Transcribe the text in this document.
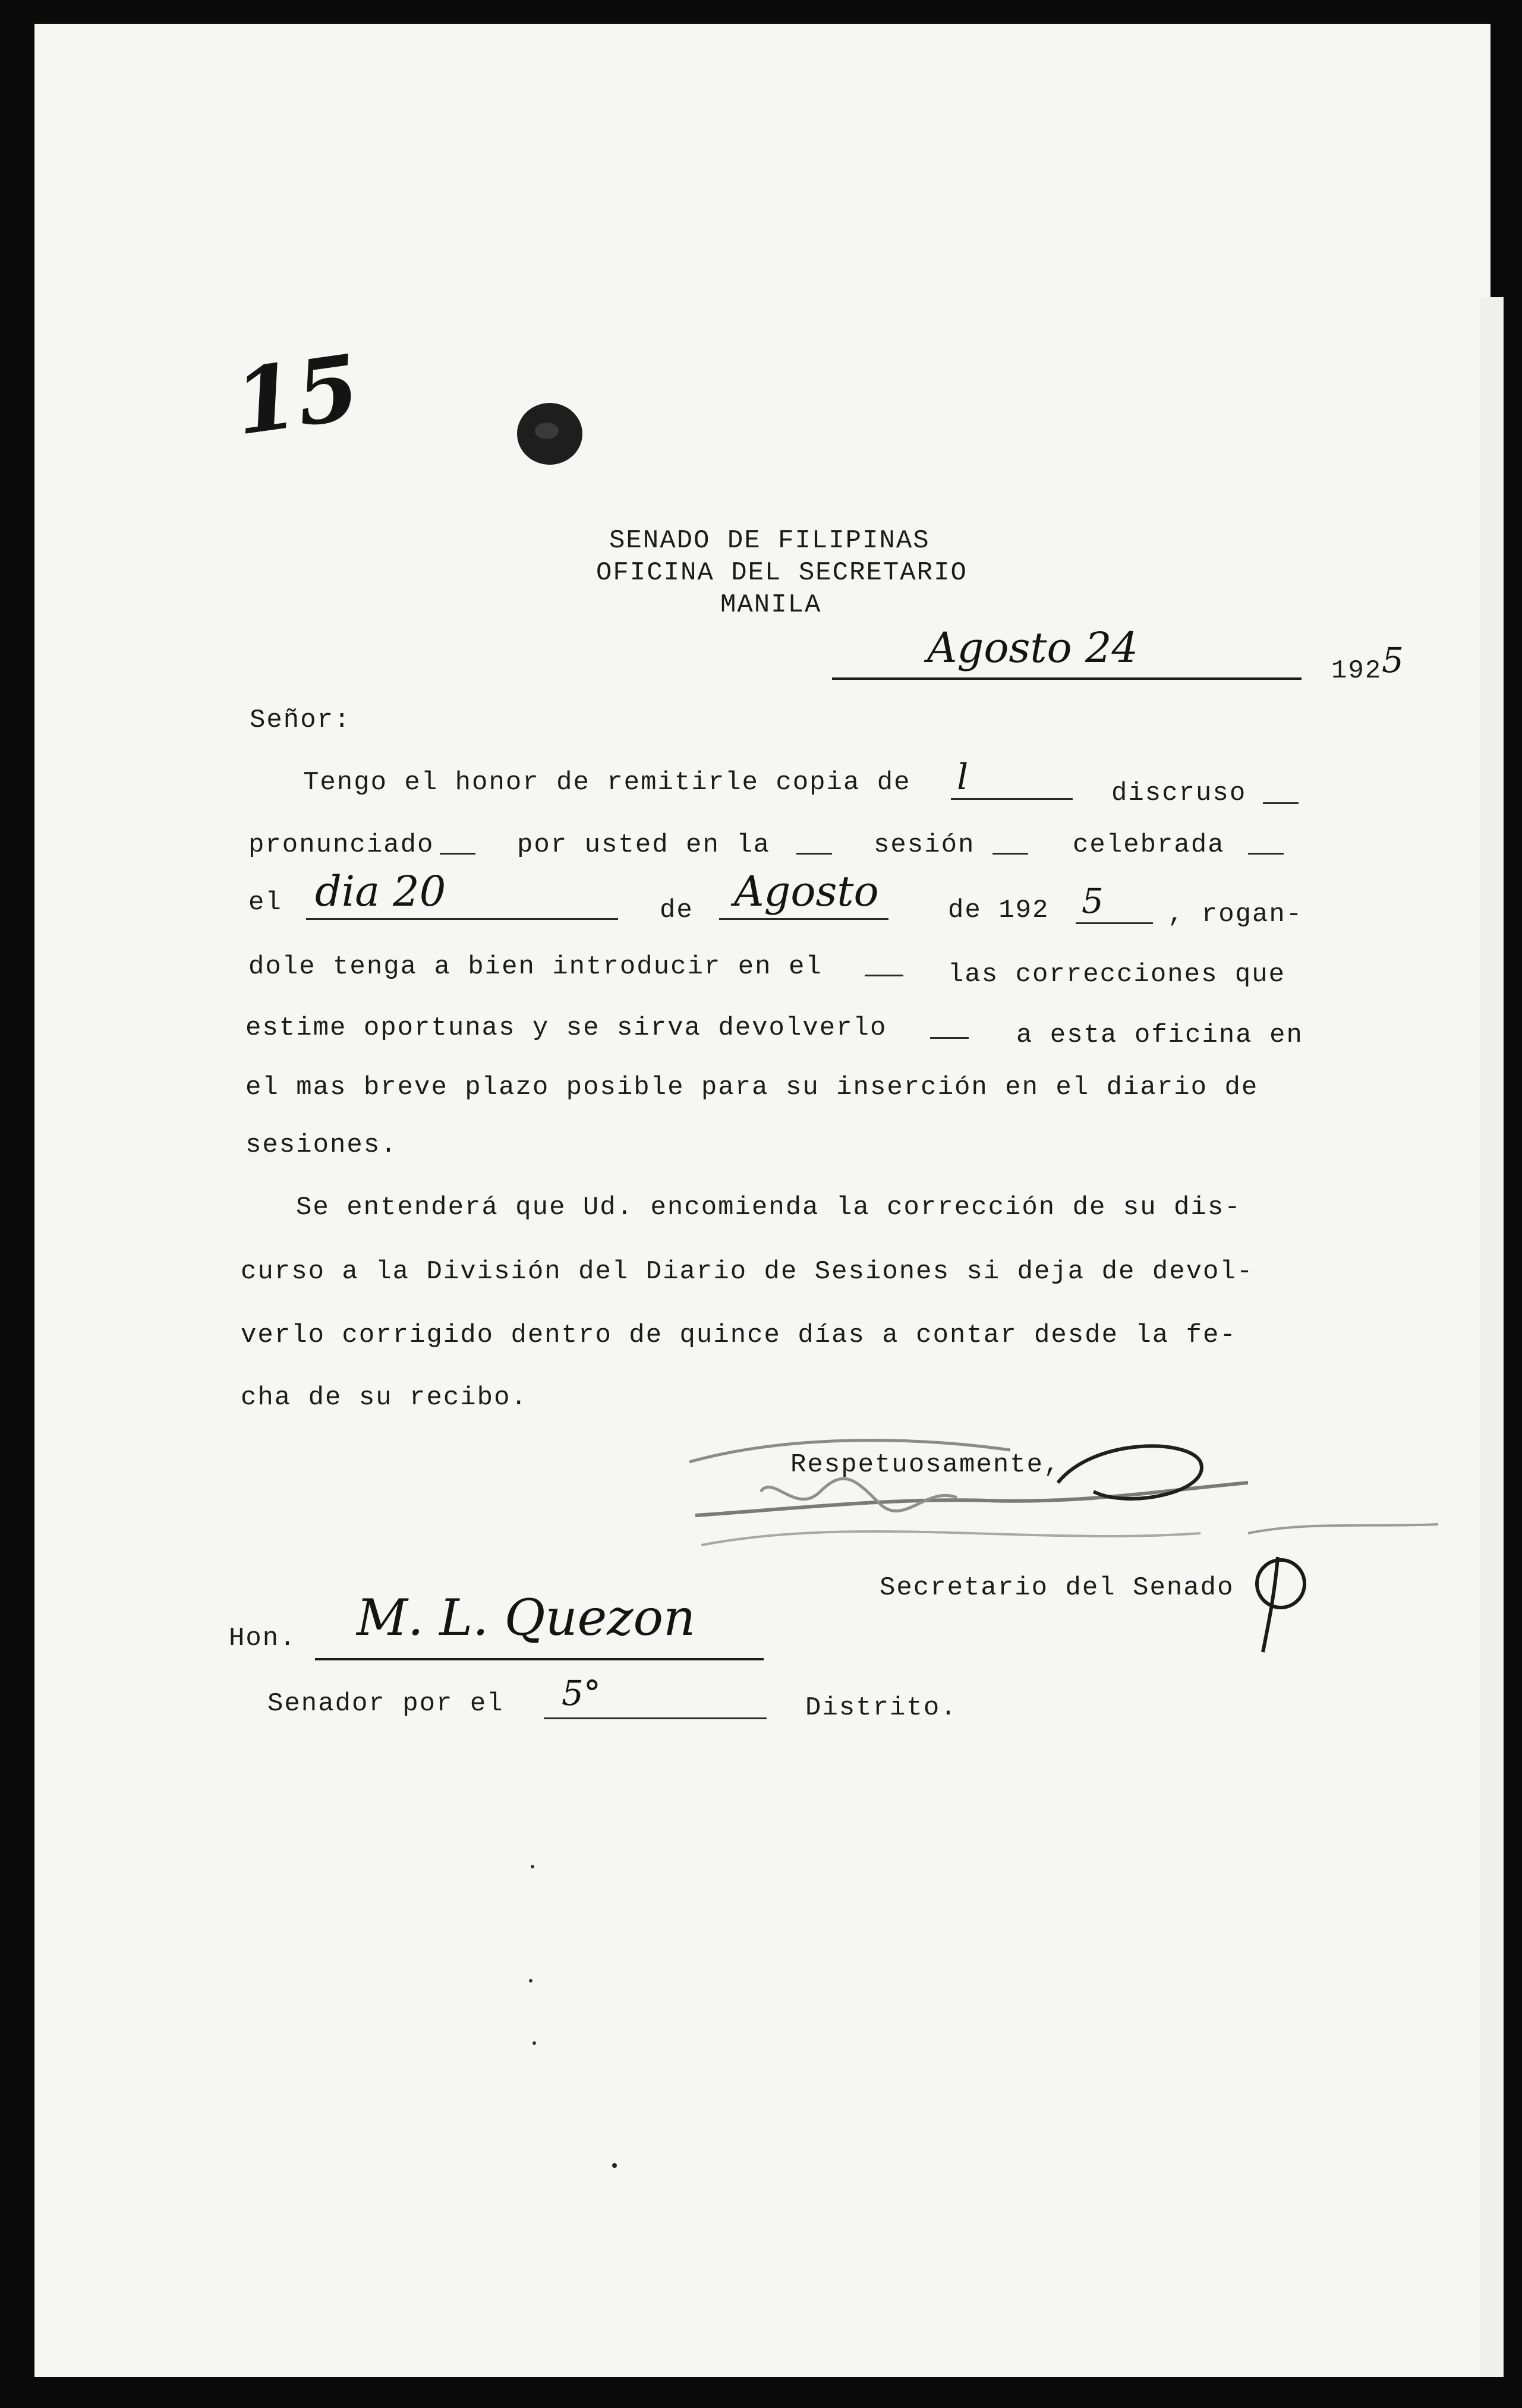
15
SENADO DE FILIPINAS
OFICINA DEL SECRETARIO
MANILA
Agosto 24	192 5
Señor:
Tengo el honor de remitirle copia de l	discruso
pronunciado	por usted en la	sesión	celebrada
el dia 20	de Agosto	de 192 5 , rogan-
dole tenga a bien introducir en el	las correcciones que
estime oportunas y se sirva devolverlo	a esta oficina en
el mas breve plazo posible para su inserción en el diario de
sesiones.
Se entenderá que Ud. encomienda la corrección de su dis-
curso a la División del Diario de Sesiones si deja de devol-
verlo corrigido dentro de quince días a contar desde la fe-
cha de su recibo.
Respetuosamente,
Secretario del Senado
Hon. M. L. Quezon
Senador por el 5°	Distrito.
